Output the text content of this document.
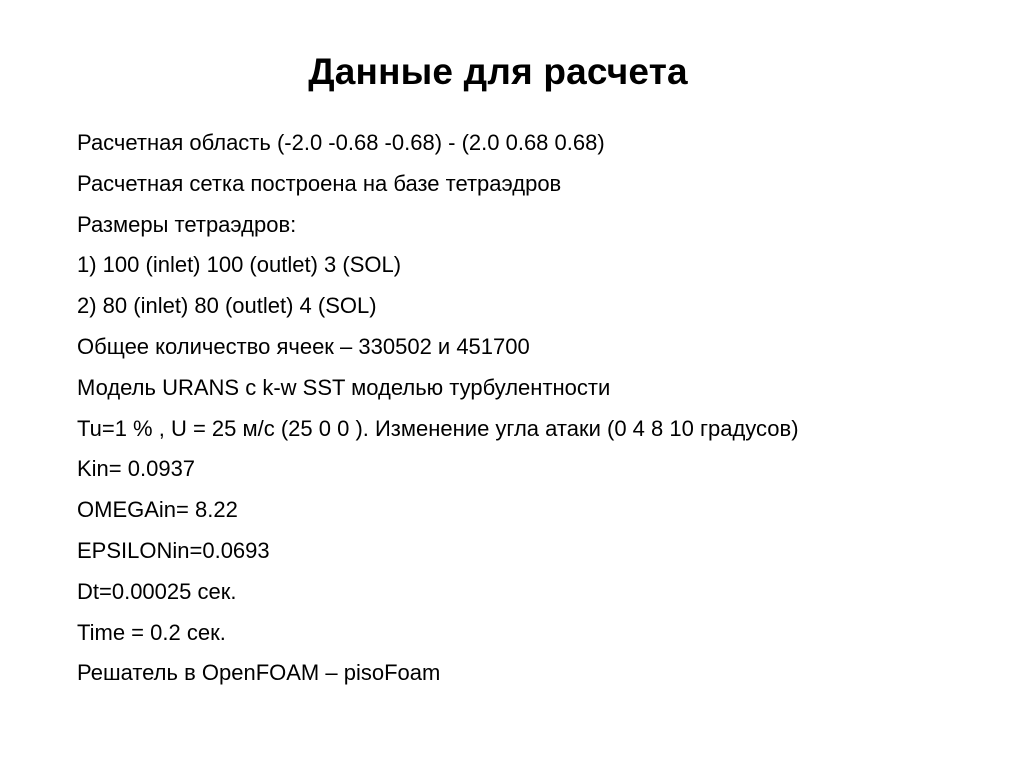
Данные для расчета
Расчетная область (-2.0 -0.68 -0.68) - (2.0 0.68 0.68)
Расчетная сетка построена на базе тетраэдров
Размеры тетраэдров:
1) 100 (inlet) 100 (outlet) 3 (SOL)
2) 80 (inlet) 80 (outlet) 4 (SOL)
Общее количество ячеек – 330502 и 451700
Модель URANS с k-w SST моделью турбулентности
Tu=1 % , U = 25 м/с (25 0 0 ). Изменение угла атаки (0 4 8 10 градусов)
Kin= 0.0937
OMEGAin= 8.22
EPSILONin=0.0693
Dt=0.00025 сек.
Time = 0.2 сек.
Решатель в OpenFOAM – pisoFoam
